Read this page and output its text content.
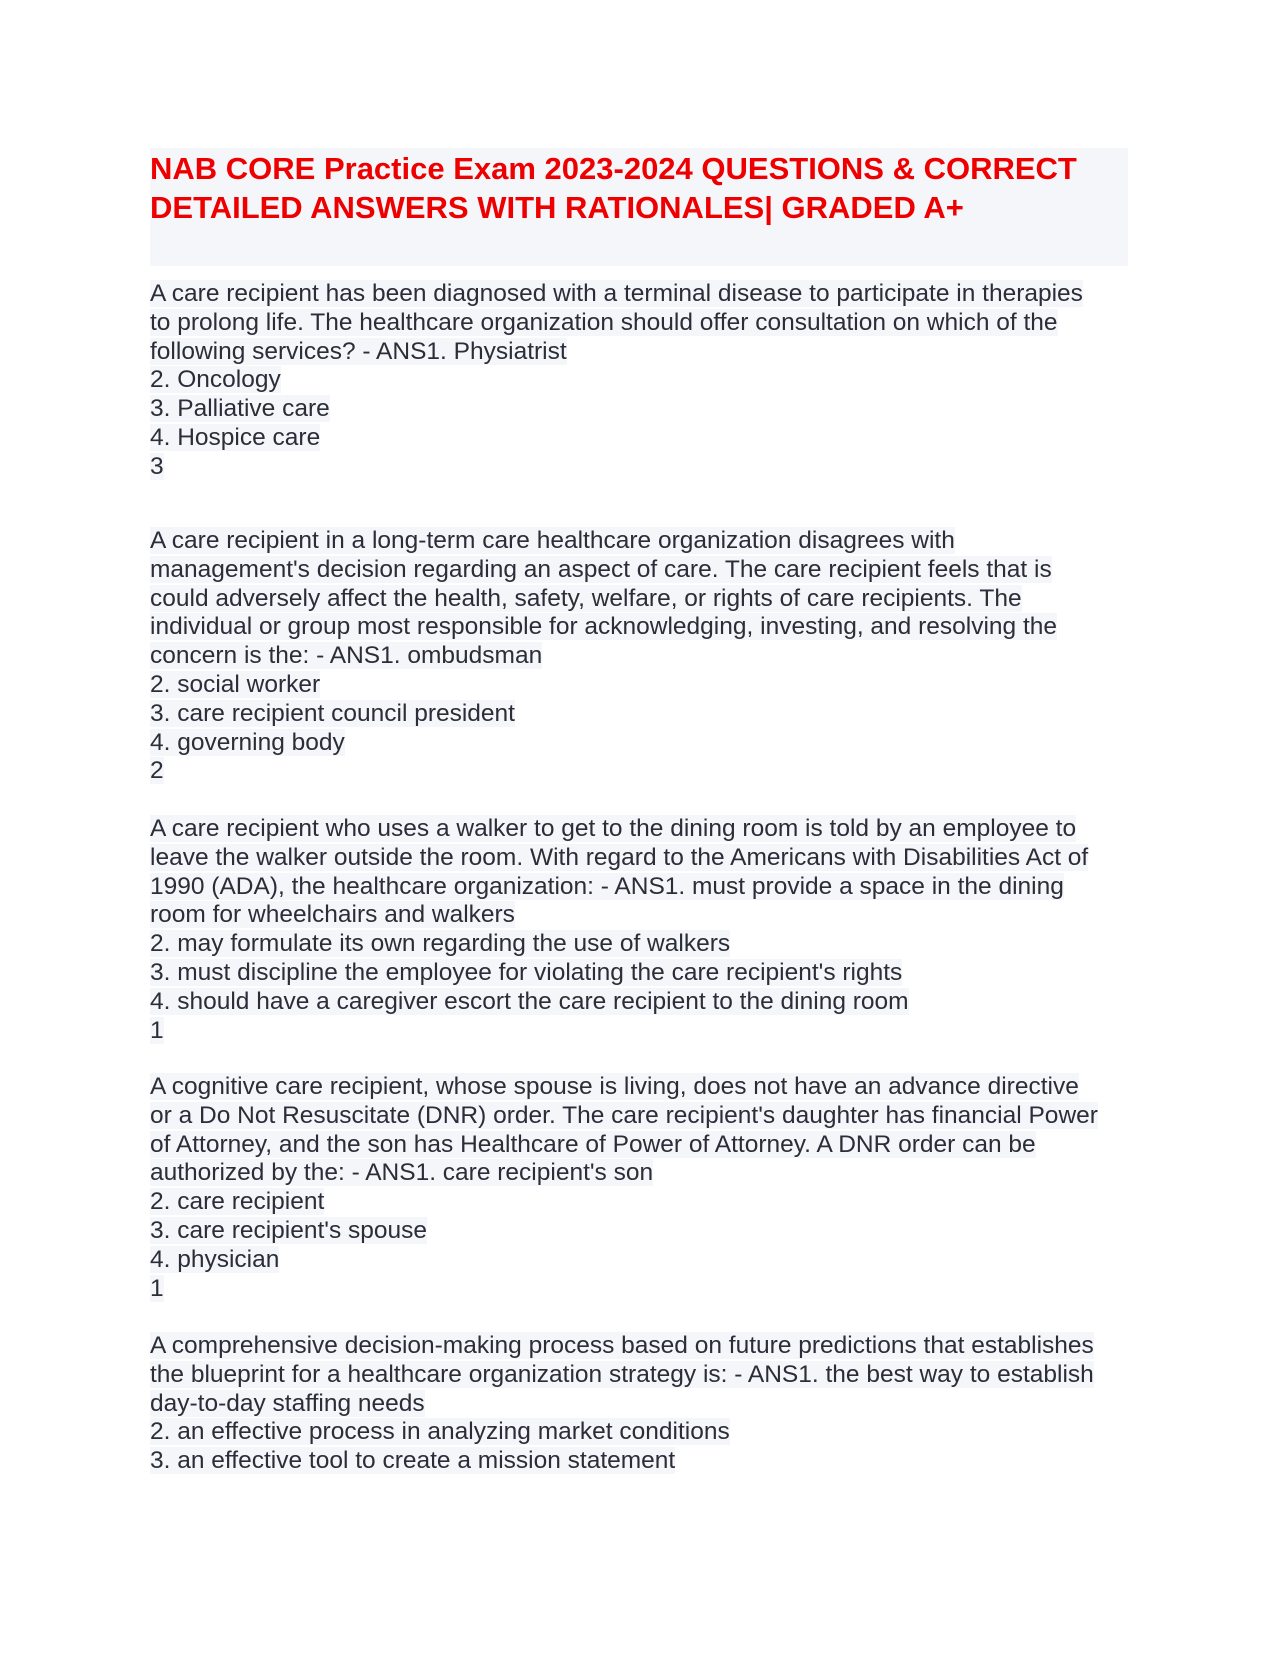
NAB CORE Practice Exam 2023-2024 QUESTIONS & CORRECT DETAILED ANSWERS WITH RATIONALES| GRADED A+
A care recipient has been diagnosed with a terminal disease to participate in therapies
to prolong life. The healthcare organization should offer consultation on which of the
following services? - ANS1. Physiatrist
2. Oncology
3. Palliative care
4. Hospice care
3
A care recipient in a long-term care healthcare organization disagrees with
management's decision regarding an aspect of care. The care recipient feels that is
could adversely affect the health, safety, welfare, or rights of care recipients. The
individual or group most responsible for acknowledging, investing, and resolving the
concern is the: - ANS1. ombudsman
2. social worker
3. care recipient council president
4. governing body
2
A care recipient who uses a walker to get to the dining room is told by an employee to
leave the walker outside the room. With regard to the Americans with Disabilities Act of
1990 (ADA), the healthcare organization: - ANS1. must provide a space in the dining
room for wheelchairs and walkers
2. may formulate its own regarding the use of walkers
3. must discipline the employee for violating the care recipient's rights
4. should have a caregiver escort the care recipient to the dining room
1
A cognitive care recipient, whose spouse is living, does not have an advance directive
or a Do Not Resuscitate (DNR) order. The care recipient's daughter has financial Power
of Attorney, and the son has Healthcare of Power of Attorney. A DNR order can be
authorized by the: - ANS1. care recipient's son
2. care recipient
3. care recipient's spouse
4. physician
1
A comprehensive decision-making process based on future predictions that establishes
the blueprint for a healthcare organization strategy is: - ANS1. the best way to establish
day-to-day staffing needs
2. an effective process in analyzing market conditions
3. an effective tool to create a mission statement
